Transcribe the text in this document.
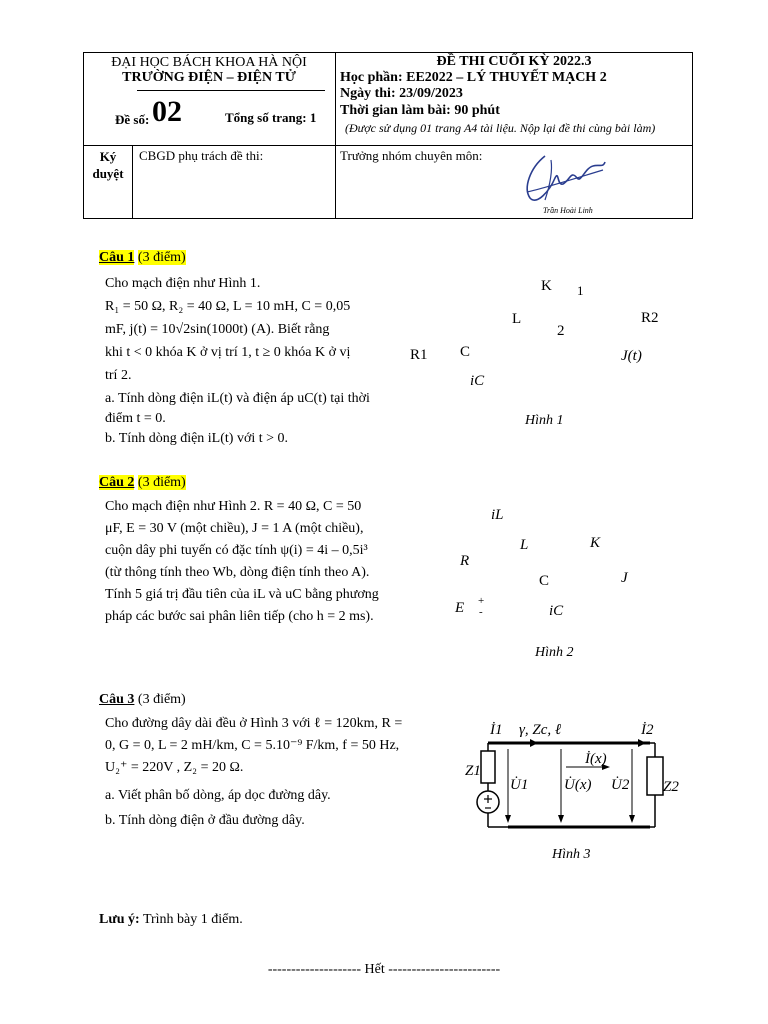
ĐẠI HỌC BÁCH KHOA HÀ NỘI
TRƯỜNG ĐIỆN – ĐIỆN TỬ
Đề số: 02	Tổng số trang: 1
ĐỀ THI CUỐI KỲ 2022.3
Học phần: EE2022 – LÝ THUYẾT MẠCH 2
Ngày thi: 23/09/2023
Thời gian làm bài: 90 phút
(Được sử dụng 01 trang A4 tài liệu. Nộp lại đề thi cùng bài làm)
Ký duyệt
CBGD phụ trách đề thi:	Trưởng nhóm chuyên môn:
Trần Hoài Linh
Câu 1 (3 điểm)

Cho mạch điện như Hình 1.

R₁ = 50 Ω, R₂ = 40 Ω, L = 10 mH, C = 0,05

mF, j(t) = 10√2sin(1000t) (A). Biết rằng

khi t < 0 khóa K ở vị trí 1, t ≥ 0 khóa K ở vị

trí 2.

a. Tính dòng điện iL(t) và điện áp uC(t) tại thời

điểm t = 0.

b. Tính dòng điện iL(t) với t > 0.

K 1
L
2
R2
R1 C	J(t)
iC
Hình 1
Câu 2 (3 điểm)

Cho mạch điện như Hình 2. R = 40 Ω, C = 50

μF, E = 30 V (một chiều), J = 1 A (một chiều),

cuộn dây phi tuyến có đặc tính ψ(i) = 4i – 0,5i³

(từ thông tính theo Wb, dòng điện tính theo A).

Tính 5 giá trị đầu tiên của iL và uC bằng phương

pháp các bước sai phân liên tiếp (cho h = 2 ms).

iL
L	K
R
C	J
E +
-	iC
Hình 2
Câu 3 (3 điểm)

Cho đường dây dài đều ở Hình 3 với ℓ = 120km, R =

0, G = 0, L = 2 mH/km, C = 5.10⁻⁹ F/km, f = 50 Hz,

U₂⁺ = 220V , Z₂ = 20 Ω.

a. Viết phân bố dòng, áp dọc đường dây.

b. Tính dòng điện ở đầu đường dây.

İ1 γ, Zc, ℓ	İ2
İ(x)
Z1
U̇1 U̇(x) U̇2 Z2
Hình 3
Lưu ý: Trình bày 1 điểm.
-------------------- Hết ------------------------
